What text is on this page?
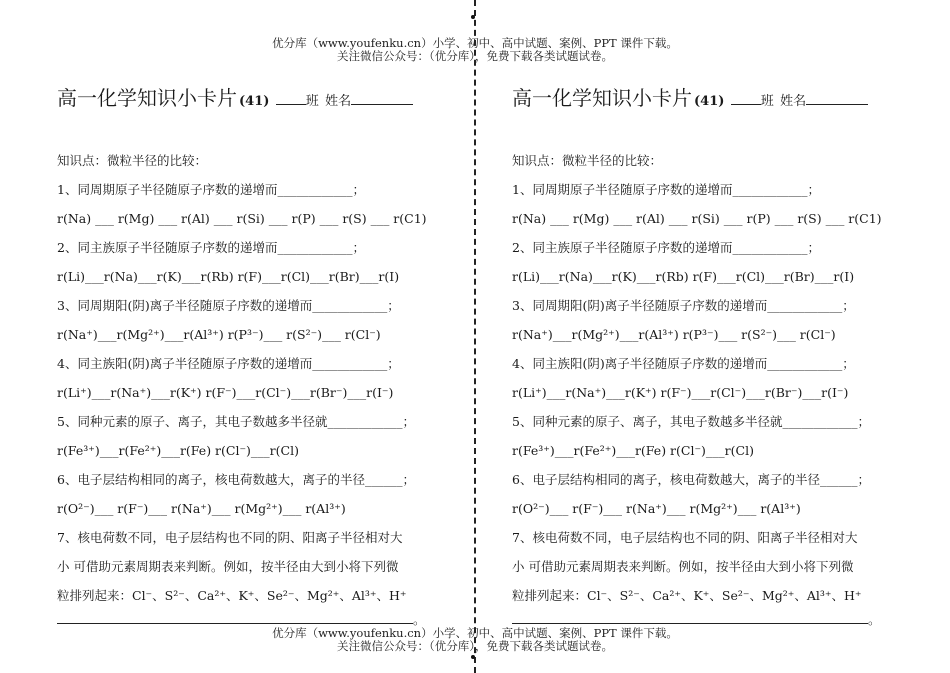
优分库（www.youfenku.cn）小学、初中、高中试题、案例、PPT 课件下载。
关注微信公众号：（优分库），免费下载各类试题试卷。
高一化学知识小卡片 (41)	班 姓名
知识点：微粒半径的比较：
1、同周期原子半径随原子序数的递增而____________；
r(Na) ___ r(Mg) ___ r(Al) ___ r(Si) ___ r(P) ___ r(S) ___ r(C1)
2、同主族原子半径随原子序数的递增而____________；
r(Li)___r(Na)___r(K)___r(Rb) r(F)___r(Cl)___r(Br)___r(Ⅰ)
3、同周期阳(阴)离子半径随原子序数的递增而____________；
r(Na⁺)___r(Mg²⁺)___r(Al³⁺) r(P³⁻)___ r(S²⁻)___ r(Cl⁻)
4、同主族阳(阴)离子半径随原子序数的递增而____________；
r(Li⁺)___r(Na⁺)___r(K⁺) r(F⁻)___r(Cl⁻)___r(Br⁻)___r(I⁻)
5、同种元素的原子、离子，其电子数越多半径就____________；
r(Fe³⁺)___r(Fe²⁺)___r(Fe) r(Cl⁻)___r(Cl)
6、电子层结构相同的离子，核电荷数越大，离子的半径______；
r(O²⁻)___ r(F⁻)___ r(Na⁺)___ r(Mg²⁺)___ r(Al³⁺)
7、核电荷数不同，电子层结构也不同的阴、阳离子半径相对大
小 可借助元素周期表来判断。例如，按半径由大到小将下列微
粒排列起来：Cl⁻、S²⁻、Ca²⁺、K⁺、Se²⁻、Mg²⁺、Al³⁺、H⁺
。
高一化学知识小卡片 (41)	班 姓名
知识点：微粒半径的比较：
1、同周期原子半径随原子序数的递增而____________；
r(Na) ___ r(Mg) ___ r(Al) ___ r(Si) ___ r(P) ___ r(S) ___ r(C1)
2、同主族原子半径随原子序数的递增而____________；
r(Li)___r(Na)___r(K)___r(Rb) r(F)___r(Cl)___r(Br)___r(Ⅰ)
3、同周期阳(阴)离子半径随原子序数的递增而____________；
r(Na⁺)___r(Mg²⁺)___r(Al³⁺) r(P³⁻)___ r(S²⁻)___ r(Cl⁻)
4、同主族阳(阴)离子半径随原子序数的递增而____________；
r(Li⁺)___r(Na⁺)___r(K⁺) r(F⁻)___r(Cl⁻)___r(Br⁻)___r(I⁻)
5、同种元素的原子、离子，其电子数越多半径就____________；
r(Fe³⁺)___r(Fe²⁺)___r(Fe) r(Cl⁻)___r(Cl)
6、电子层结构相同的离子，核电荷数越大，离子的半径______；
r(O²⁻)___ r(F⁻)___ r(Na⁺)___ r(Mg²⁺)___ r(Al³⁺)
7、核电荷数不同，电子层结构也不同的阴、阳离子半径相对大
小 可借助元素周期表来判断。例如，按半径由大到小将下列微
粒排列起来：Cl⁻、S²⁻、Ca²⁺、K⁺、Se²⁻、Mg²⁺、Al³⁺、H⁺
。
优分库（www.youfenku.cn）小学、初中、高中试题、案例、PPT 课件下载。
关注微信公众号：（优分库），免费下载各类试题试卷。
